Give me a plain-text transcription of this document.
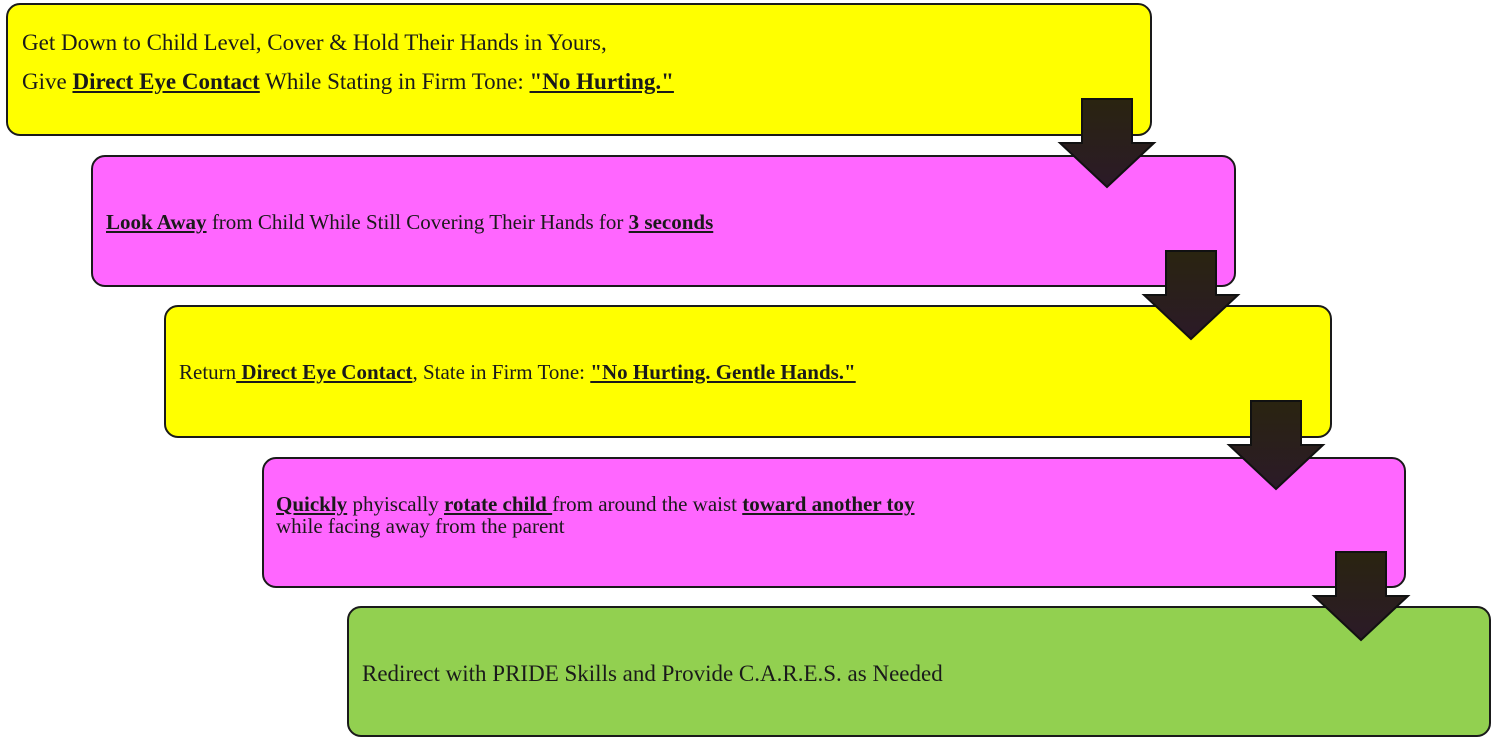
Get Down to Child Level, Cover & Hold Their Hands in Yours,
Give Direct Eye Contact While Stating in Firm Tone: "No Hurting."
Look Away from Child While Still Covering Their Hands for 3 seconds
Return Direct Eye Contact, State in Firm Tone: "No Hurting. Gentle Hands."
Quickly phyiscally rotate child from around the waist toward another toy
while facing away from the parent
Redirect with PRIDE Skills and Provide C.A.R.E.S. as Needed
